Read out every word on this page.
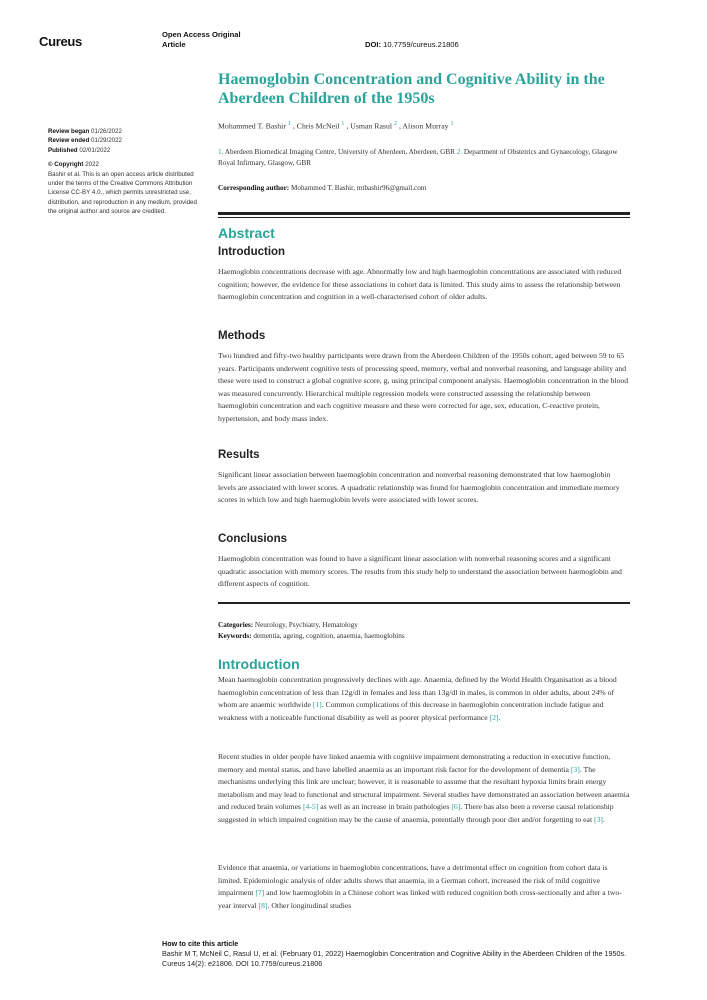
Cureus	Open Access Original
Article	DOI: 10.7759/cureus.21806
Haemoglobin Concentration and Cognitive Ability in the Aberdeen Children of the 1950s
Mohammed T. Bashir $^1$ , Chris McNeil $^1$ , Usman Rasul $^2$ , Alison Murray $^1$
1. Aberdeen Biomedical Imaging Centre, University of Aberdeen, Aberdeen, GBR 2. Department of Obstetrics and Gynaecology, Glasgow Royal Infirmary, Glasgow, GBR
Corresponding author: Mohammed T. Bashir, mtbashir96@gmail.com
Review began 01/26/2022
Review ended 01/29/2022
Published 02/01/2022
© Copyright 2022
Bashir et al. This is an open access article distributed under the terms of the Creative Commons Attribution License CC-BY 4.0., which permits unrestricted use, distribution, and reproduction in any medium, provided the original author and source are credited.
Abstract
Introduction

Haemoglobin concentrations decrease with age. Abnormally low and high haemoglobin concentrations are associated with reduced cognition; however, the evidence for these associations in cohort data is limited. This study aims to assess the relationship between haemoglobin concentration and cognition in a well-characterised cohort of older adults.

Methods

Two hundred and fifty-two healthy participants were drawn from the Aberdeen Children of the 1950s cohort, aged between 59 to 65 years. Participants underwent cognitive tests of processing speed, memory, verbal and nonverbal reasoning, and language ability and these were used to construct a global cognitive score, g, using principal component analysis. Haemoglobin concentration in the blood was measured concurrently. Hierarchical multiple regression models were constructed assessing the relationship between haemoglobin concentration and each cognitive measure and these were corrected for age, sex, education, C-reactive protein, hypertension, and body mass index.

Results

Significant linear association between haemoglobin concentration and nonverbal reasoning demonstrated that low haemoglobin levels are associated with lower scores. A quadratic relationship was found for haemoglobin concentration and immediate memory scores in which low and high haemoglobin levels were associated with lower scores.

Conclusions

Haemoglobin concentration was found to have a significant linear association with nonverbal reasoning scores and a significant quadratic association with memory scores. The results from this study help to understand the association between haemoglobin and different aspects of cognition.

Categories: Neurology, Psychiatry, Hematology
Keywords: dementia, ageing, cognition, anaemia, haemoglobins
Introduction

Mean haemoglobin concentration progressively declines with age. Anaemia, defined by the World Health Organisation as a blood haemoglobin concentration of less than 12g/dl in females and less than 13g/dl in males, is common in older adults, about 24% of whom are anaemic worldwide [1]. Common complications of this decrease in haemoglobin concentration include fatigue and weakness with a noticeable functional disability as well as poorer physical performance [2].

Recent studies in older people have linked anaemia with cognitive impairment demonstrating a reduction in executive function, memory and mental status, and have labelled anaemia as an important risk factor for the development of dementia [3]. The mechanisms underlying this link are unclear; however, it is reasonable to assume that the resultant hypoxia limits brain energy metabolism and may lead to functional and structural impairment. Several studies have demonstrated an association between anaemia and reduced brain volumes [4-5] as well as an increase in brain pathologies [6]. There has also been a reverse causal relationship suggested in which impaired cognition may be the cause of anaemia, potentially through poor diet and/or forgetting to eat [3].

Evidence that anaemia, or variations in haemoglobin concentrations, have a detrimental effect on cognition from cohort data is limited. Epidemiologic analysis of older adults shows that anaemia, in a German cohort, increased the risk of mild cognitive impairment [7] and low haemoglobin in a Chinese cohort was linked with reduced cognition both cross-sectionally and after a two-year interval [8]. Other longitudinal studies

How to cite this article
Bashir M T, McNeil C, Rasul U, et al. (February 01, 2022) Haemoglobin Concentration and Cognitive Ability in the Aberdeen Children of the 1950s.
Cureus 14(2): e21806. DOI 10.7759/cureus.21806
